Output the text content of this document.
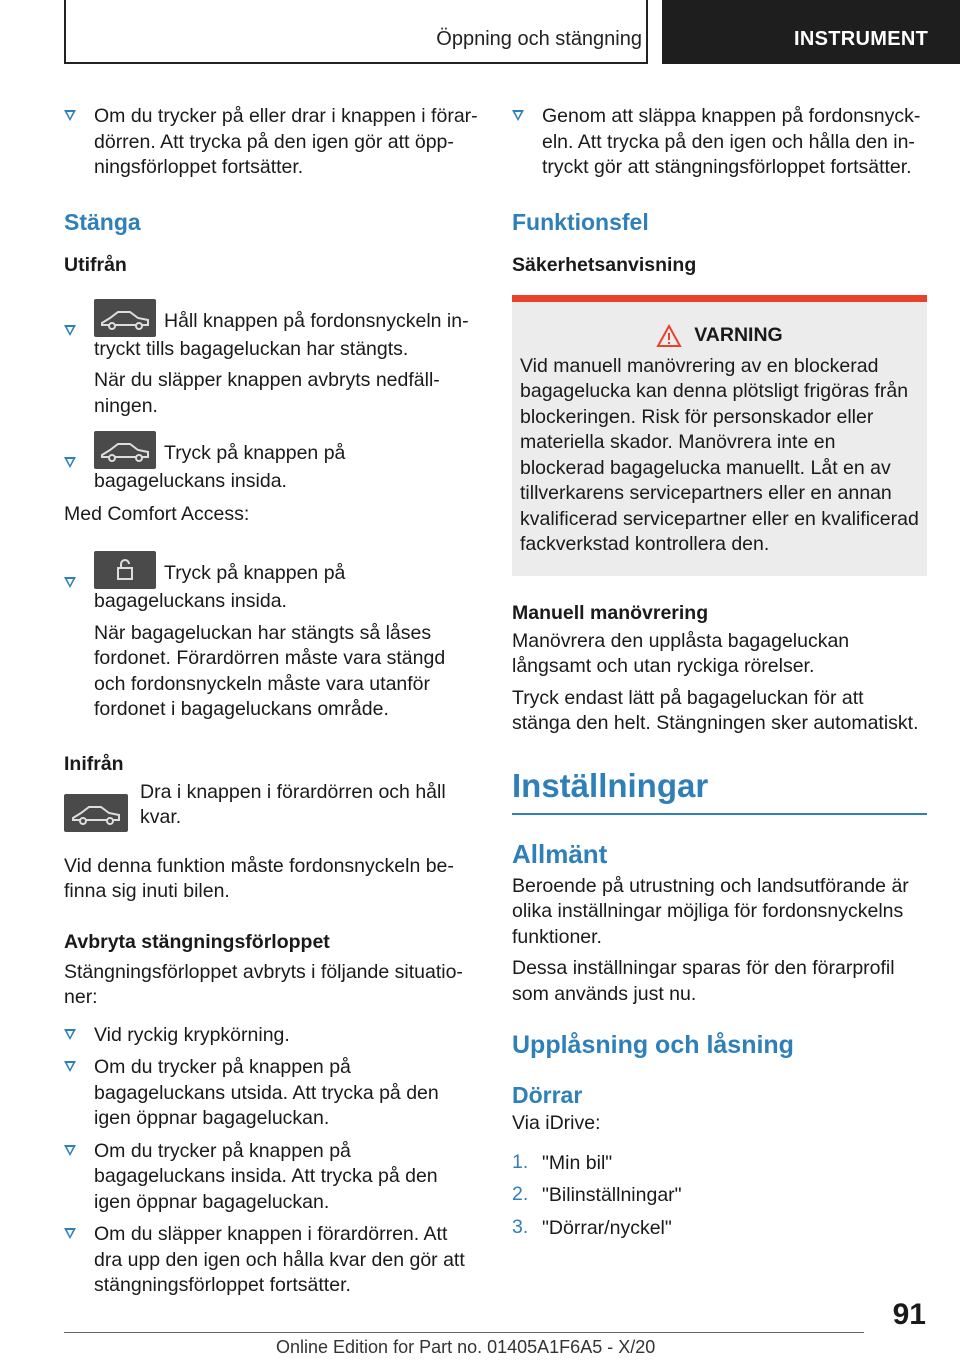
Öppning och stängning	INSTRUMENT

Om du trycker på eller drar i knappen i förardörren. Att trycka på den igen gör att öppningsförloppet fortsätter.

Stänga
Utifrån

Håll knappen på fordonsnyckeln intryckt tills bagageluckan har stängts.

När du släpper knappen avbryts nedfällningen.

Tryck på knappen på bagageluckans insida.

Med Comfort Access:

Tryck på knappen på bagageluckans insida.

När bagageluckan har stängts så låses fordonet. Förardörren måste vara stängd och fordonsnyckeln måste vara utanför fordonet i bagageluckans område.

Inifrån

Dra i knappen i förardörren och håll kvar.

Vid denna funktion måste fordonsnyckeln befinna sig inuti bilen.

Avbryta stängningsförloppet

Stängningsförloppet avbryts i följande situationer:

Vid ryckig krypkörning.

Om du trycker på knappen på bagageluckans utsida. Att trycka på den igen öppnar bagageluckan.

Om du trycker på knappen på bagageluckans insida. Att trycka på den igen öppnar bagageluckan.

Om du släpper knappen i förardörren. Att dra upp den igen och hålla kvar den gör att stängningsförloppet fortsätter.

Genom att släppa knappen på fordonsnyckeln. Att trycka på den igen och hålla den intryckt gör att stängningsförloppet fortsätter.

Funktionsfel
Säkerhetsanvisning
VARNING

Vid manuell manövrering av en blockerad bagagelucka kan denna plötsligt frigöras från blockeringen. Risk för personskador eller materiella skador. Manövrera inte en blockerad bagagelucka manuellt. Låt en av tillverkarens servicepartners eller en annan kvalificerad servicepartner eller en kvalificerad fackverkstad kontrollera den.

Manuell manövrering

Manövrera den upplåsta bagageluckan långsamt och utan ryckiga rörelser.

Tryck endast lätt på bagageluckan för att stänga den helt. Stängningen sker automatiskt.

Inställningar
Allmänt

Beroende på utrustning och landsutförande är olika inställningar möjliga för fordonsnyckelns funktioner.

Dessa inställningar sparas för den förarprofil som används just nu.

Upplåsning och låsning
Dörrar

Via iDrive:

1. "Min bil"

2. "Bilinställningar"

3. "Dörrar/nyckel"

91
Online Edition for Part no. 01405A1F6A5 - X/20
